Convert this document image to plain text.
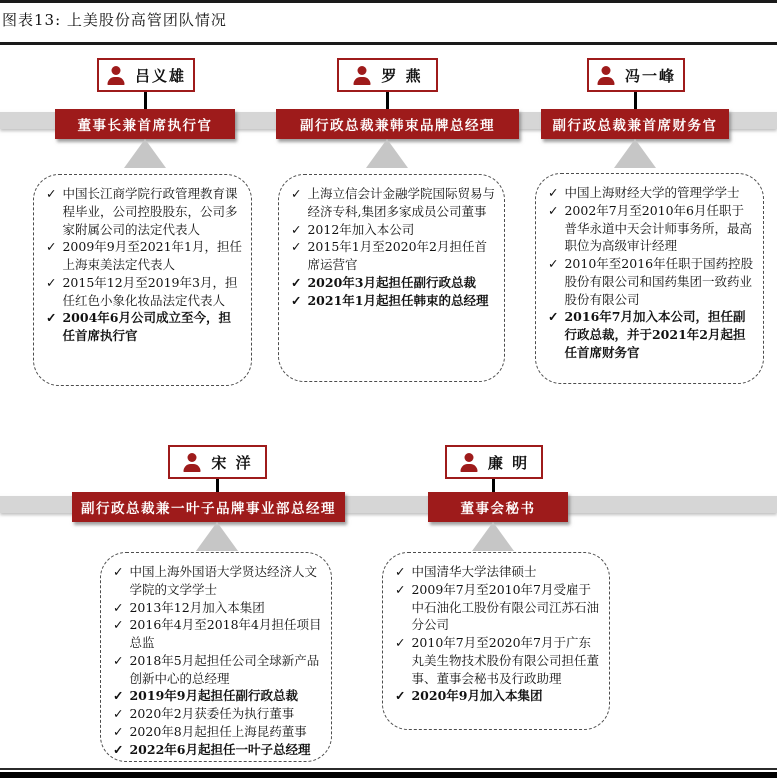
图表13: 上美股份高管团队情况
吕义雄
董事长兼首席执行官
✓ 中国长江商学院行政管理教育课程毕业，公司控股股东，公司多家附属公司的法定代表人
✓ 2009年9月至2021年1月，担任上海束美法定代表人
✓ 2015年12月至2019年3月，担任红色小象化妆品法定代表人
✓ 2004年6月公司成立至今，担任首席执行官
罗 燕
副行政总裁兼韩束品牌总经理
✓ 上海立信会计金融学院国际贸易与经济专科,集团多家成员公司董事
✓ 2012年加入本公司
✓ 2015年1月至2020年2月担任首席运营官
✓ 2020年3月起担任副行政总裁
✓ 2021年1月起担任韩束的总经理
冯一峰
副行政总裁兼首席财务官
✓ 中国上海财经大学的管理学学士
✓ 2002年7月至2010年6月任职于普华永道中天会计师事务所，最高职位为高级审计经理
✓ 2010年至2016年任职于国药控股股份有限公司和国药集团一致药业股份有限公司
✓ 2016年7月加入本公司，担任副行政总裁，并于2021年2月起担任首席财务官
宋 洋
副行政总裁兼一叶子品牌事业部总经理
✓ 中国上海外国语大学贤达经济人文学院的文学学士
✓ 2013年12月加入本集团
✓ 2016年4月至2018年4月担任项目总监
✓ 2018年5月起担任公司全球新产品创新中心的总经理
✓ 2019年9月起担任副行政总裁
✓ 2020年2月获委任为执行董事
✓ 2020年8月起担任上海昆药董事
✓ 2022年6月起担任一叶子总经理
廉 明
董事会秘书
✓ 中国清华大学法律硕士
✓ 2009年7月至2010年7月受雇于中石油化工股份有限公司江苏石油分公司
✓ 2010年7月至2020年7月于广东丸美生物技术股份有限公司担任董事、董事会秘书及行政助理
✓ 2020年9月加入本集团
